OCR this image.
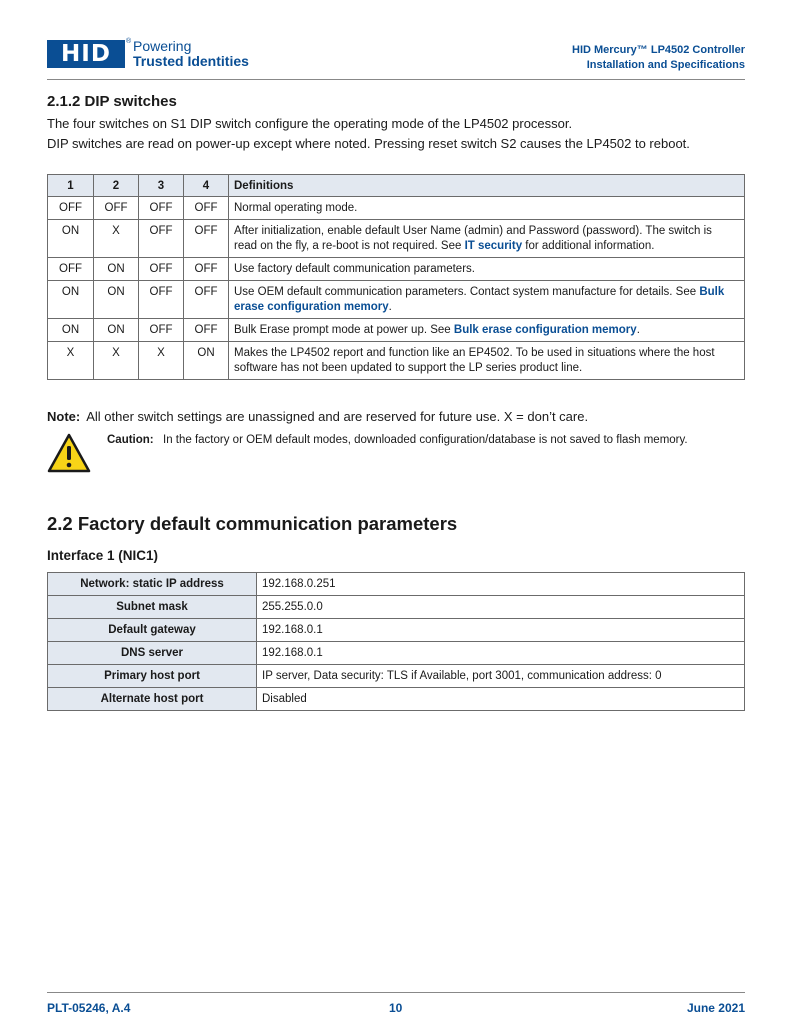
HID	® Powering
Trusted Identities
HID Mercury™ LP4502 Controller
Installation and Specifications
2.1.2 DIP switches

The four switches on S1 DIP switch configure the operating mode of the LP4502 processor.

DIP switches are read on power-up except where noted. Pressing reset switch S2 causes the LP4502 to reboot.

1	2	3	4	Definitions
OFF	OFF	OFF	OFF	Normal operating mode.
ON	X	OFF	OFF	After initialization, enable default User Name (admin) and Password (password). The switch is read on the fly, a re-boot is not required. See IT security for additional information.
OFF	ON	OFF	OFF	Use factory default communication parameters.
ON	ON	OFF	OFF	Use OEM default communication parameters. Contact system manufacture for details. See Bulk erase configuration memory.
ON	ON	OFF	OFF	Bulk Erase prompt mode at power up. See Bulk erase configuration memory.
X	X	X	ON	Makes the LP4502 report and function like an EP4502. To be used in situations where the host software has not been updated to support the LP series product line.
Note: All other switch settings are unassigned and are reserved for future use. X = don’t care.
Caution: In the factory or OEM default modes, downloaded configuration/database is not saved to flash memory.
2.2 Factory default communication parameters
Interface 1 (NIC1)
Network: static IP address	192.168.0.251
Subnet mask	255.255.0.0
Default gateway	192.168.0.1
DNS server	192.168.0.1
Primary host port	IP server, Data security: TLS if Available, port 3001, communication address: 0
Alternate host port	Disabled
PLT-05246, A.4	10	June 2021
